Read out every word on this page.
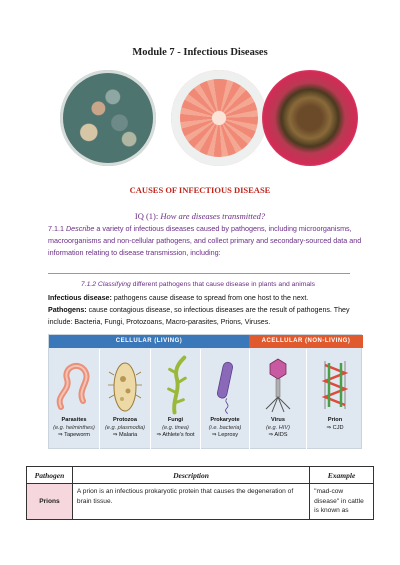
Module 7 - Infectious Diseases
CAUSES OF INFECTIOUS DISEASE
IQ (1): How are diseases transmitted?
7.1.1 Describe a variety of infectious diseases caused by pathogens, including microorganisms, macroorganisms and non-cellular pathogens, and collect primary and secondary-sourced data and information relating to disease transmission, including:
7.1.2 Classifying different pathogens that cause disease in plants and animals
Infectious disease: pathogens cause disease to spread from one host to the next.
Pathogens: cause contagious disease, so infectious diseases are the result of pathogens. They include: Bacteria, Fungi, Protozoans, Macro-parasites, Prions, Viruses.
CELLULAR (LIVING)	ACELLULAR (NON-LIVING)
Parasites
(e.g. helminthes)
⇒ Tapeworm
Protozoa
(e.g. plasmodia)
⇒ Malaria
Fungi
(e.g. tinea)
⇒ Athlete's foot
Prokaryote
(i.e. bacteria)
⇒ Leprosy
Virus
(e.g. HIV)
⇒ AIDS
Prion
⇒ CJD
Pathogen	Description	Example
Prions	A prion is an infectious prokaryotic protein that causes the degeneration of brain tissue.	"mad-cow disease" in cattle is known as
